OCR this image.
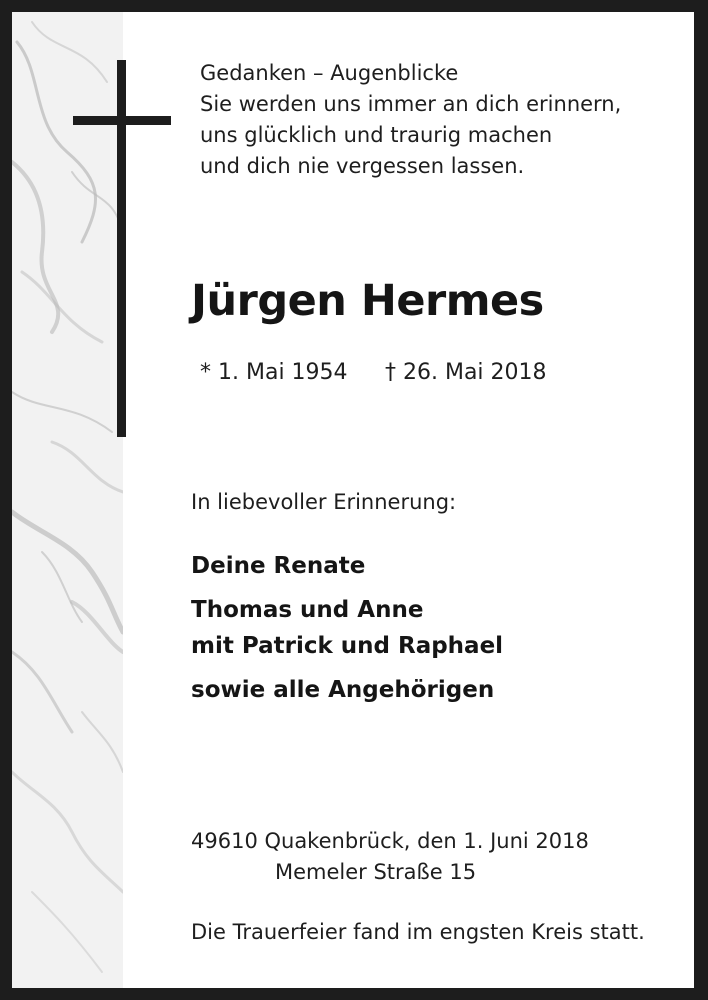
Gedanken – Augenblicke
Sie werden uns immer an dich erinnern,
uns glücklich und traurig machen
und dich nie vergessen lassen.
Jürgen Hermes
* 1. Mai 1954 † 26. Mai 2018
In liebevoller Erinnerung:
Deine Renate
Thomas und Anne
mit Patrick und Raphael
sowie alle Angehörigen
49610 Quakenbrück, den 1. Juni 2018
Memeler Straße 15
Die Trauerfeier fand im engsten Kreis statt.
